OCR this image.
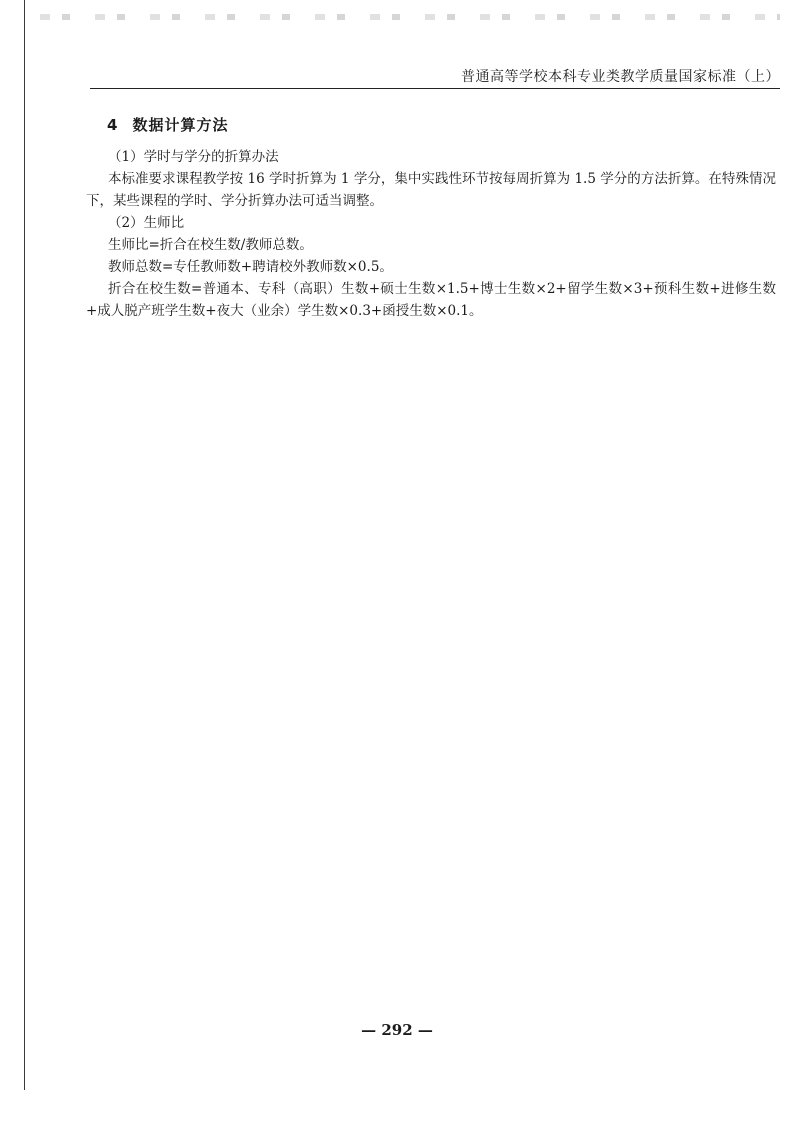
普通高等学校本科专业类教学质量国家标准（上）
4 数据计算方法

（1）学时与学分的折算办法

本标准要求课程教学按 16 学时折算为 1 学分，集中实践性环节按每周折算为 1.5 学分的方法折算。在特殊情况下，某些课程的学时、学分折算办法可适当调整。

（2）生师比

生师比=折合在校生数/教师总数。

教师总数=专任教师数+聘请校外教师数×0.5。

折合在校生数=普通本、专科（高职）生数+硕士生数×1.5+博士生数×2+留学生数×3+预科生数+进修生数+成人脱产班学生数+夜大（业余）学生数×0.3+函授生数×0.1。

— 292 —
